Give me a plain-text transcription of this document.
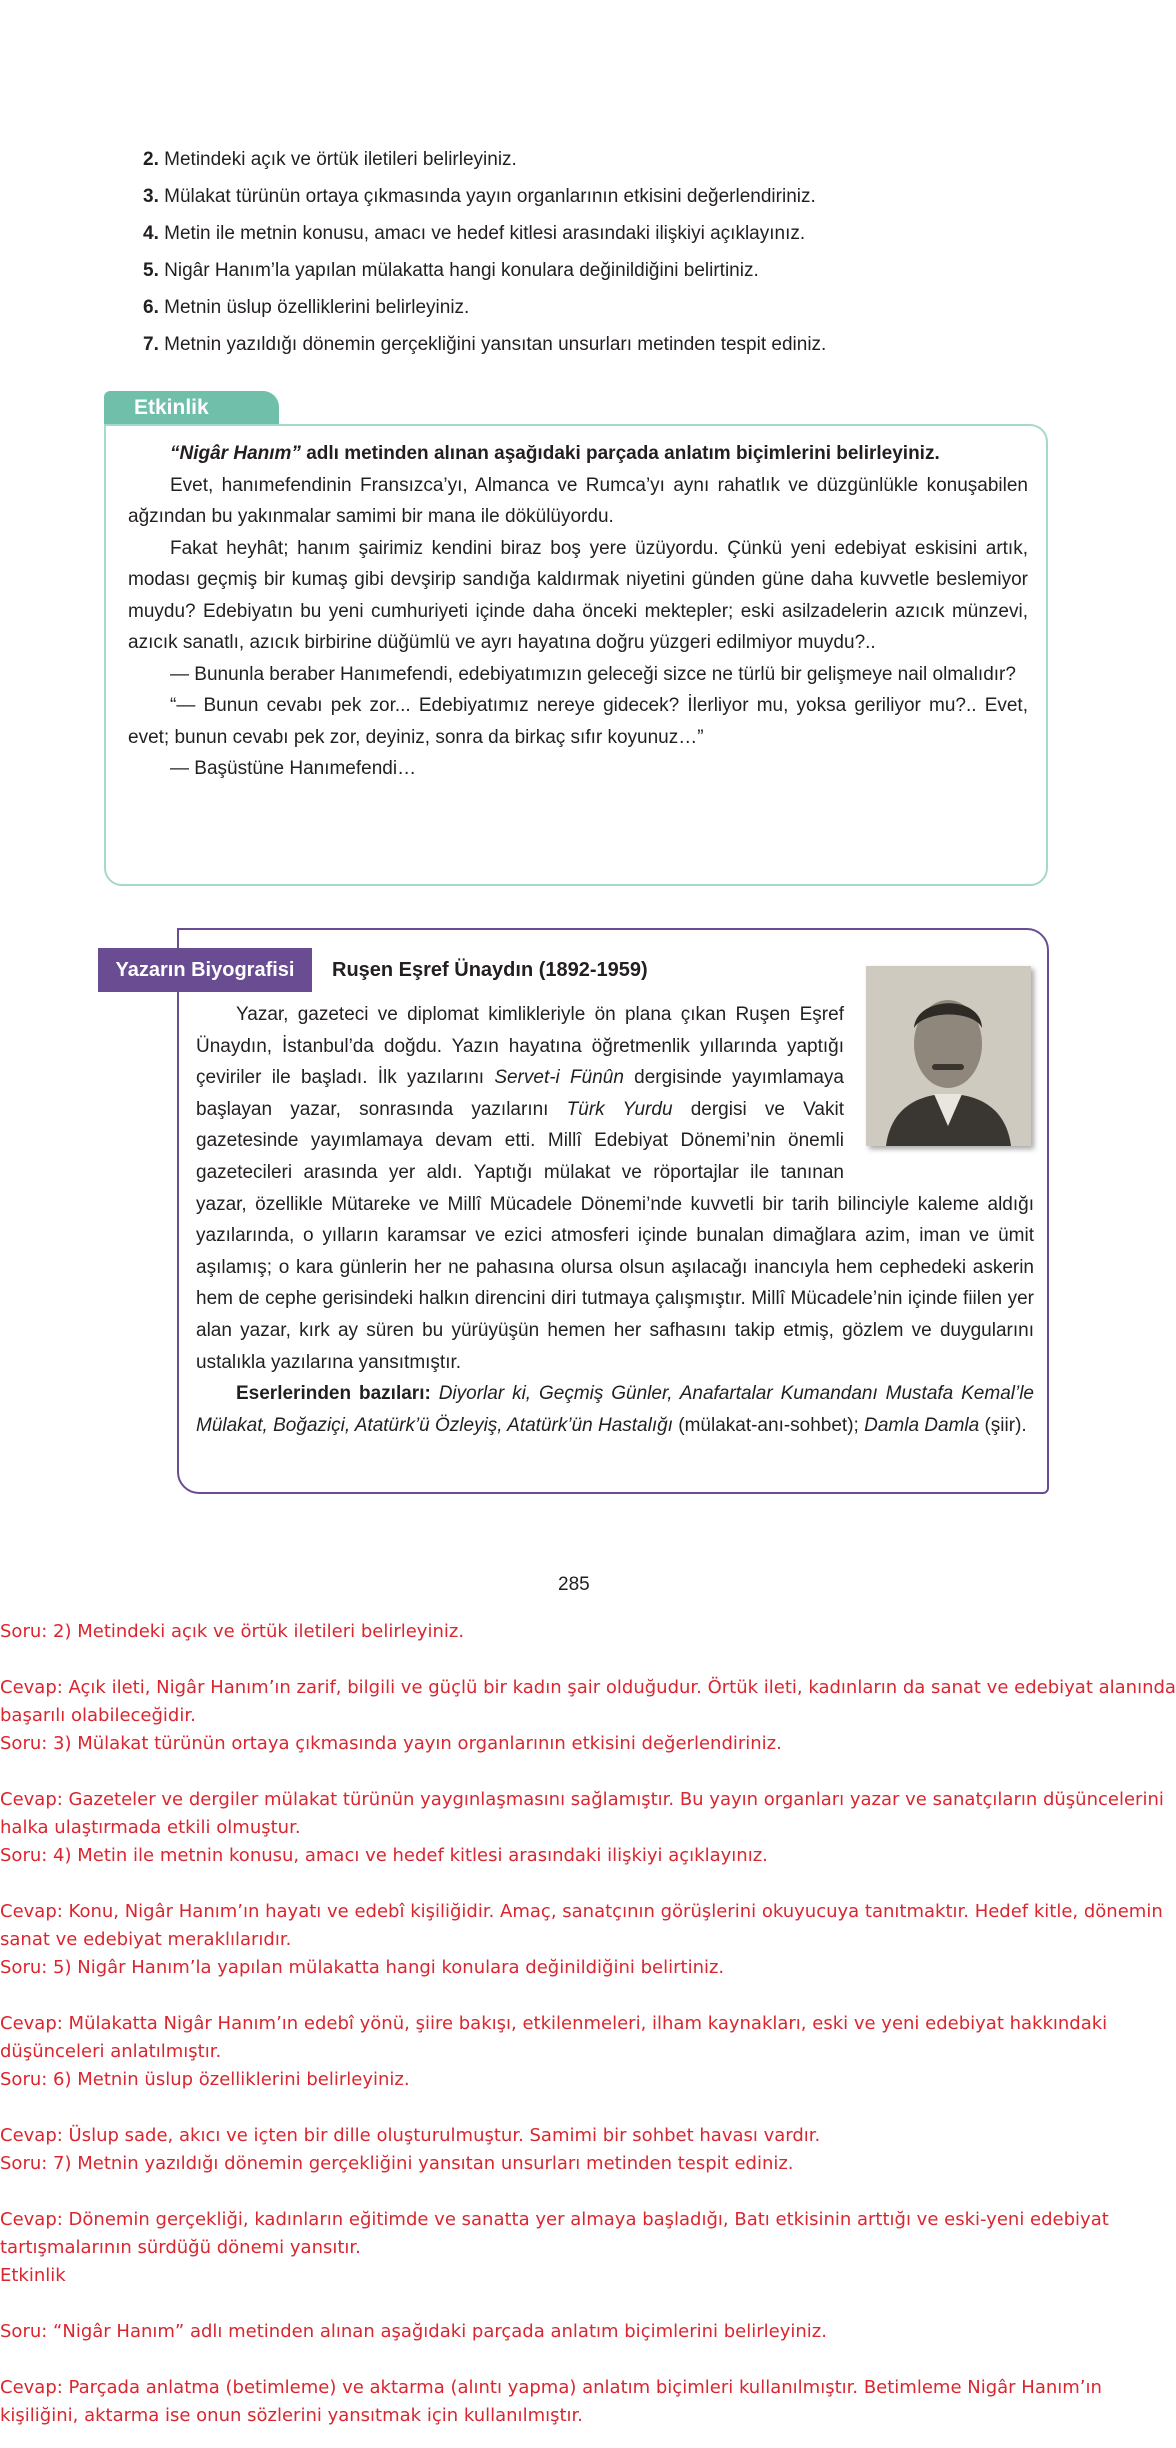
2. Metindeki açık ve örtük iletileri belirleyiniz.
3. Mülakat türünün ortaya çıkmasında yayın organlarının etkisini değerlendiriniz.
4. Metin ile metnin konusu, amacı ve hedef kitlesi arasındaki ilişkiyi açıklayınız.
5. Nigâr Hanım’la yapılan mülakatta hangi konulara değinildiğini belirtiniz.
6. Metnin üslup özelliklerini belirleyiniz.
7. Metnin yazıldığı dönemin gerçekliğini yansıtan unsurları metinden tespit ediniz.
Etkinlik

“Nigâr Hanım” adlı metinden alınan aşağıdaki parçada anlatım biçimlerini belirleyiniz.

Evet, hanımefendinin Fransızca’yı, Almanca ve Rumca’yı aynı rahatlık ve düzgünlükle konuşabilen ağzından bu yakınmalar samimi bir mana ile dökülüyordu.

Fakat heyhât; hanım şairimiz kendini biraz boş yere üzüyordu. Çünkü yeni edebiyat eskisini artık, modası geçmiş bir kumaş gibi devşirip sandığa kaldırmak niyetini günden güne daha kuvvetle beslemiyor muydu? Edebiyatın bu yeni cumhuriyeti içinde daha önceki mektepler; eski asilzadelerin azıcık münzevi, azıcık sanatlı, azıcık birbirine düğümlü ve ayrı hayatına doğru yüzgeri edilmiyor muydu?..

— Bununla beraber Hanımefendi, edebiyatımızın geleceği sizce ne türlü bir gelişmeye nail olmalıdır?

“— Bunun cevabı pek zor... Edebiyatımız nereye gidecek? İlerliyor mu, yoksa geriliyor mu?.. Evet, evet; bunun cevabı pek zor, deyiniz, sonra da birkaç sıfır koyunuz…”

— Başüstüne Hanımefendi…

Yazarın Biyografisi	Ruşen Eşref Ünaydın (1892-1959)

Yazar, gazeteci ve diplomat kimlikleriyle ön plana çıkan Ruşen Eşref Ünaydın, İstanbul’da doğdu. Yazın hayatına öğretmenlik yıllarında yaptığı çeviriler ile başladı. İlk yazılarını Servet-i Fünûn dergisinde yayımlamaya başlayan yazar, sonrasında yazılarını Türk Yurdu dergisi ve Vakit gazetesinde yayımlamaya devam etti. Millî Edebiyat Dönemi’nin önemli gazetecileri arasında yer aldı. Yaptığı mülakat ve röportajlar ile tanınan yazar, özellikle Mütareke ve Millî Mücadele Dönemi’nde kuvvetli bir tarih bilinciyle kaleme aldığı yazılarında, o yılların karamsar ve ezici atmosferi içinde bunalan dimağlara azim, iman ve ümit aşılamış; o kara günlerin her ne pahasına olursa olsun aşılacağı inancıyla hem cephedeki askerin hem de cephe gerisindeki halkın direncini diri tutmaya çalışmıştır. Millî Mücadele’nin içinde fiilen yer alan yazar, kırk ay süren bu yürüyüşün hemen her safhasını takip etmiş, gözlem ve duygularını ustalıkla yazılarına yansıtmıştır.

Eserlerinden bazıları: Diyorlar ki, Geçmiş Günler, Anafartalar Kumandanı Mustafa Kemal’le Mülakat, Boğaziçi, Atatürk’ü Özleyiş, Atatürk’ün Hastalığı (mülakat-anı-sohbet); Damla Damla (şiir).

285

Soru: 2) Metindeki açık ve örtük iletileri belirleyiniz.

Cevap: Açık ileti, Nigâr Hanım’ın zarif, bilgili ve güçlü bir kadın şair olduğudur. Örtük ileti, kadınların da sanat ve edebiyat alanında başarılı olabileceğidir.

Soru: 3) Mülakat türünün ortaya çıkmasında yayın organlarının etkisini değerlendiriniz.

Cevap: Gazeteler ve dergiler mülakat türünün yaygınlaşmasını sağlamıştır. Bu yayın organları yazar ve sanatçıların düşüncelerini halka ulaştırmada etkili olmuştur.

Soru: 4) Metin ile metnin konusu, amacı ve hedef kitlesi arasındaki ilişkiyi açıklayınız.

Cevap: Konu, Nigâr Hanım’ın hayatı ve edebî kişiliğidir. Amaç, sanatçının görüşlerini okuyucuya tanıtmaktır. Hedef kitle, dönemin sanat ve edebiyat meraklılarıdır.

Soru: 5) Nigâr Hanım’la yapılan mülakatta hangi konulara değinildiğini belirtiniz.

Cevap: Mülakatta Nigâr Hanım’ın edebî yönü, şiire bakışı, etkilenmeleri, ilham kaynakları, eski ve yeni edebiyat hakkındaki düşünceleri anlatılmıştır.

Soru: 6) Metnin üslup özelliklerini belirleyiniz.

Cevap: Üslup sade, akıcı ve içten bir dille oluşturulmuştur. Samimi bir sohbet havası vardır.

Soru: 7) Metnin yazıldığı dönemin gerçekliğini yansıtan unsurları metinden tespit ediniz.

Cevap: Dönemin gerçekliği, kadınların eğitimde ve sanatta yer almaya başladığı, Batı etkisinin arttığı ve eski-yeni edebiyat tartışmalarının sürdüğü dönemi yansıtır.

Etkinlik

Soru: “Nigâr Hanım” adlı metinden alınan aşağıdaki parçada anlatım biçimlerini belirleyiniz.

Cevap: Parçada anlatma (betimleme) ve aktarma (alıntı yapma) anlatım biçimleri kullanılmıştır. Betimleme Nigâr Hanım’ın kişiliğini, aktarma ise onun sözlerini yansıtmak için kullanılmıştır.
